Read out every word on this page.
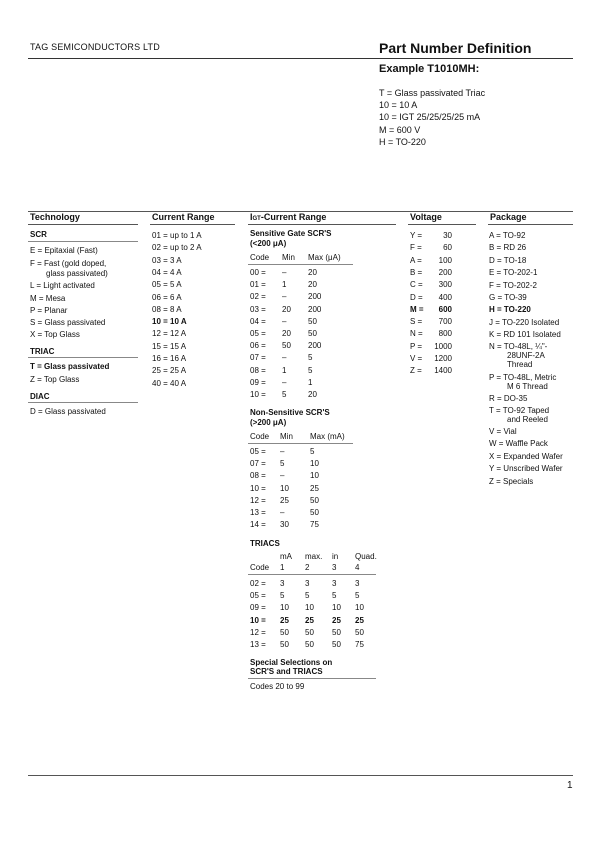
TAG SEMICONDUCTORS LTD	Part Number Definition
Example T1010MH:
T = Glass passivated Triac
10 = 10 A
10 = IGT 25/25/25/25 mA
M = 600 V
H = TO-220
Technology	Current Range	IGT-Current Range	Voltage	Package
SCR
E = Epitaxial (Fast)
F = Fast (gold doped,
glass passivated)
L = Light activated
M = Mesa
P = Planar
S = Glass passivated
X = Top Glass
TRIAC
T = Glass passivated
Z = Top Glass
DIAC
D = Glass passivated
01 = up to 1 A
02 = up to 2 A
03 = 3 A
04 = 4 A
05 = 5 A
06 = 6 A
08 = 8 A
10 = 10 A
12 = 12 A
15 = 15 A
16 = 16 A
25 = 25 A
40 = 40 A
Sensitive Gate SCR'S
(<200 μA)
Code Min Max (μA)
00 = –	20
01 = 1	20
02 = –	200
03 = 20 200
04 = –	50
05 = 20 50
06 = 50 200
07 = –	5
08 = 1	5
09 = –	1
10 = 5	20
Non-Sensitive SCR'S
(>200 μA)
Code Min Max (mA)
05 = –	5
07 = 5	10
08 = –	10
10 = 10	25
12 = 25	50
13 = –	50
14 = 30	75
TRIACS
mA max. in Quad.
Code 1	2	3 4
02 = 3	3	3 3
05 = 5	5	5 5
09 = 10 10 10 10
10 = 25 25 25 25
12 = 50 50 50 50
13 = 50 50 50 75
Special Selections on
SCR'S and TRIACS
Codes 20 to 99
Y =	30
F =	60
A =	100
B =	200
C =	300
D =	400
M =	600
S =	700
N =	800
P =	1000
V =	1200
Z =	1400
A = TO-92
B = RD 26
D = TO-18
E = TO-202-1
F = TO-202-2
G = TO-39
H = TO-220
J = TO-220 Isolated
K = RD 101 Isolated
N = TO-48L, ¼"-
28UNF-2A
Thread
P = TO-48L, Metric
M 6 Thread
R = DO-35
T = TO-92 Taped
and Reeled
V = Vial
W = Waffle Pack
X = Expanded Wafer
Y = Unscribed Wafer
Z = Specials
1
